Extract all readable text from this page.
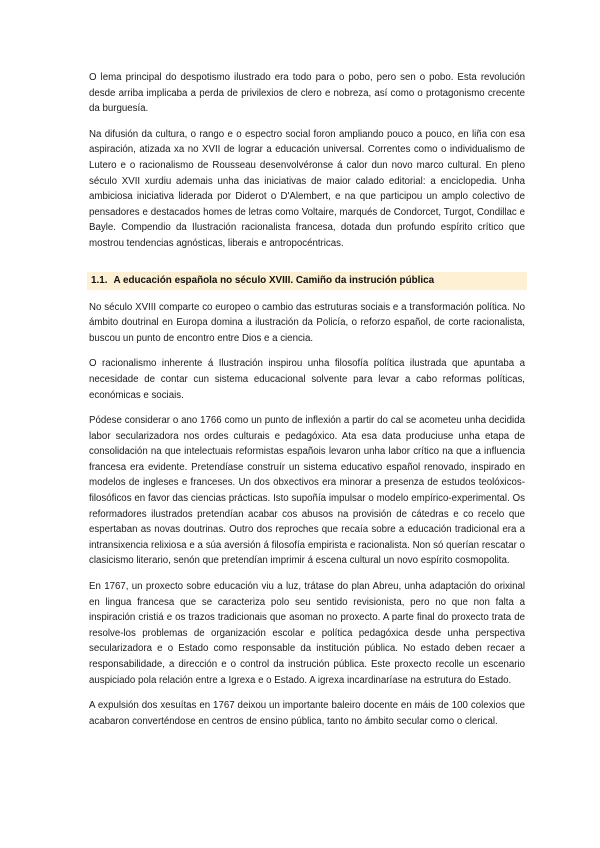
O lema principal do despotismo ilustrado era todo para o pobo, pero sen o pobo. Esta revolución desde arriba implicaba a perda de privilexios de clero e nobreza, así como o protagonismo crecente da burguesía.

Na difusión da cultura, o rango e o espectro social foron ampliando pouco a pouco, en liña con esa aspiración, atizada xa no XVII de lograr a educación universal. Correntes como o individualismo de Lutero e o racionalismo de Rousseau desenvolvéronse á calor dun novo marco cultural. En pleno século XVII xurdiu ademais unha das iniciativas de maior calado editorial: a enciclopedia. Unha ambiciosa iniciativa liderada por Diderot o D'Alembert, e na que participou un amplo colectivo de pensadores e destacados homes de letras como Voltaire, marqués de Condorcet, Turgot, Condillac e Bayle. Compendio da Ilustración racionalista francesa, dotada dun profundo espírito crítico que mostrou tendencias agnósticas, liberais e antropocéntricas.

1.1. A educación española no século XVIII. Camiño da instrución pública

No século XVIII comparte co europeo o cambio das estruturas sociais e a transformación política. No ámbito doutrinal en Europa domina a ilustración da Policía, o reforzo español, de corte racionalista, buscou un punto de encontro entre Dios e a ciencia.

O racionalismo inherente á Ilustración inspirou unha filosofía política ilustrada que apuntaba a necesidade de contar cun sistema educacional solvente para levar a cabo reformas políticas, económicas e sociais.

Pódese considerar o ano 1766 como un punto de inflexión a partir do cal se acometeu unha decidida labor secularizadora nos ordes culturais e pedagóxico. Ata esa data produciuse unha etapa de consolidación na que intelectuais reformistas españois levaron unha labor crítico na que a influencia francesa era evidente. Pretendíase construír un sistema educativo español renovado, inspirado en modelos de ingleses e franceses. Un dos obxectivos era minorar a presenza de estudos teolóxicos-filosóficos en favor das ciencias prácticas. Isto supoñía impulsar o modelo empírico-experimental. Os reformadores ilustrados pretendían acabar cos abusos na provisión de cátedras e co recelo que espertaban as novas doutrinas. Outro dos reproches que recaía sobre a educación tradicional era a intransixencia relixiosa e a súa aversión á filosofía empirista e racionalista. Non só querían rescatar o clasicismo literario, senón que pretendían imprimir á escena cultural un novo espírito cosmopolita.

En 1767, un proxecto sobre educación viu a luz, trátase do plan Abreu, unha adaptación do orixinal en lingua francesa que se caracteriza polo seu sentido revisionista, pero no que non falta a inspiración cristiá e os trazos tradicionais que asoman no proxecto. A parte final do proxecto trata de resolve-los problemas de organización escolar e política pedagóxica desde unha perspectiva secularizadora e o Estado como responsable da institución pública. No estado deben recaer a responsabilidade, a dirección e o control da instrución pública. Este proxecto recolle un escenario auspiciado pola relación entre a Igrexa e o Estado. A igrexa incardinaríase na estrutura do Estado.

A expulsión dos xesuítas en 1767 deixou un importante baleiro docente en máis de 100 colexios que acabaron converténdose en centros de ensino pública, tanto no ámbito secular como o clerical.
